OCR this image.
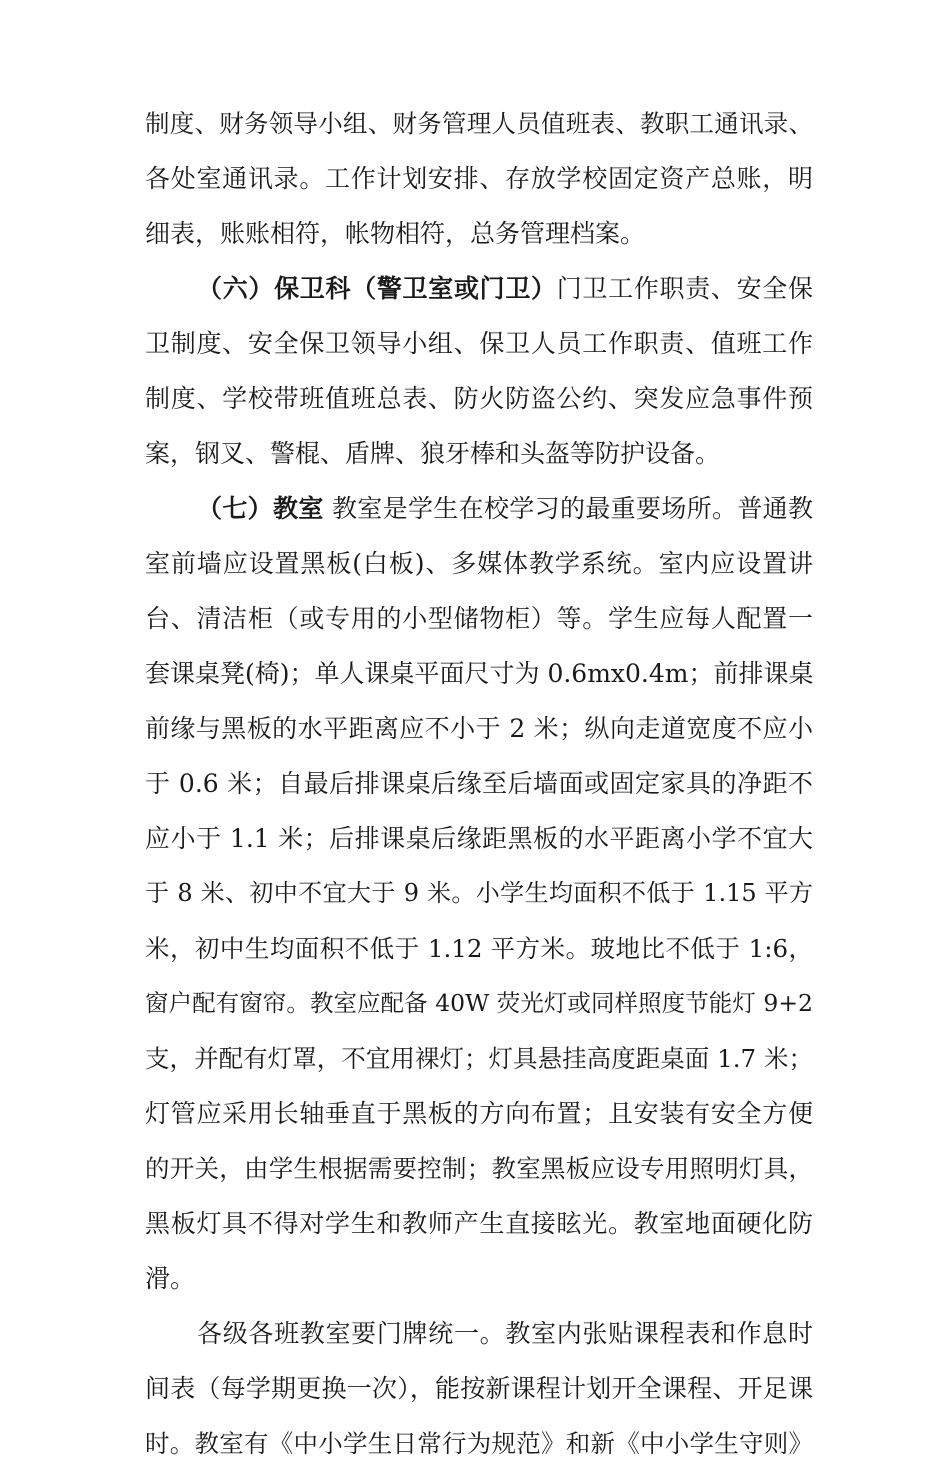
制度、财务领导小组、财务管理人员值班表、教职工通讯录、
各处室通讯录。工作计划安排、存放学校固定资产总账，明
细表，账账相符，帐物相符，总务管理档案。
（六）保卫科（警卫室或门卫）门卫工作职责、安全保
卫制度、安全保卫领导小组、保卫人员工作职责、值班工作
制度、学校带班值班总表、防火防盗公约、突发应急事件预
案，钢叉、警棍、盾牌、狼牙棒和头盔等防护设备。
（七）教室 教室是学生在校学习的最重要场所。普通教
室前墙应设置黑板(白板)、多媒体教学系统。室内应设置讲
台、清洁柜（或专用的小型储物柜）等。学生应每人配置一
套课桌凳(椅)；单人课桌平面尺寸为 0.6mx0.4m；前排课桌
前缘与黑板的水平距离应不小于 2 米；纵向走道宽度不应小
于 0.6 米；自最后排课桌后缘至后墙面或固定家具的净距不
应小于 1.1 米；后排课桌后缘距黑板的水平距离小学不宜大
于 8 米、初中不宜大于 9 米。小学生均面积不低于 1.15 平方
米，初中生均面积不低于 1.12 平方米。玻地比不低于 1:6，
窗户配有窗帘。教室应配备 40W 荧光灯或同样照度节能灯 9+2
支，并配有灯罩，不宜用裸灯；灯具悬挂高度距桌面 1.7 米；
灯管应采用长轴垂直于黑板的方向布置；且安装有安全方便
的开关，由学生根据需要控制；教室黑板应设专用照明灯具，
黑板灯具不得对学生和教师产生直接眩光。教室地面硬化防
滑。
各级各班教室要门牌统一。教室内张贴课程表和作息时
间表（每学期更换一次），能按新课程计划开全课程、开足课
时。教室有《中小学生日常行为规范》和新《中小学生守则》
